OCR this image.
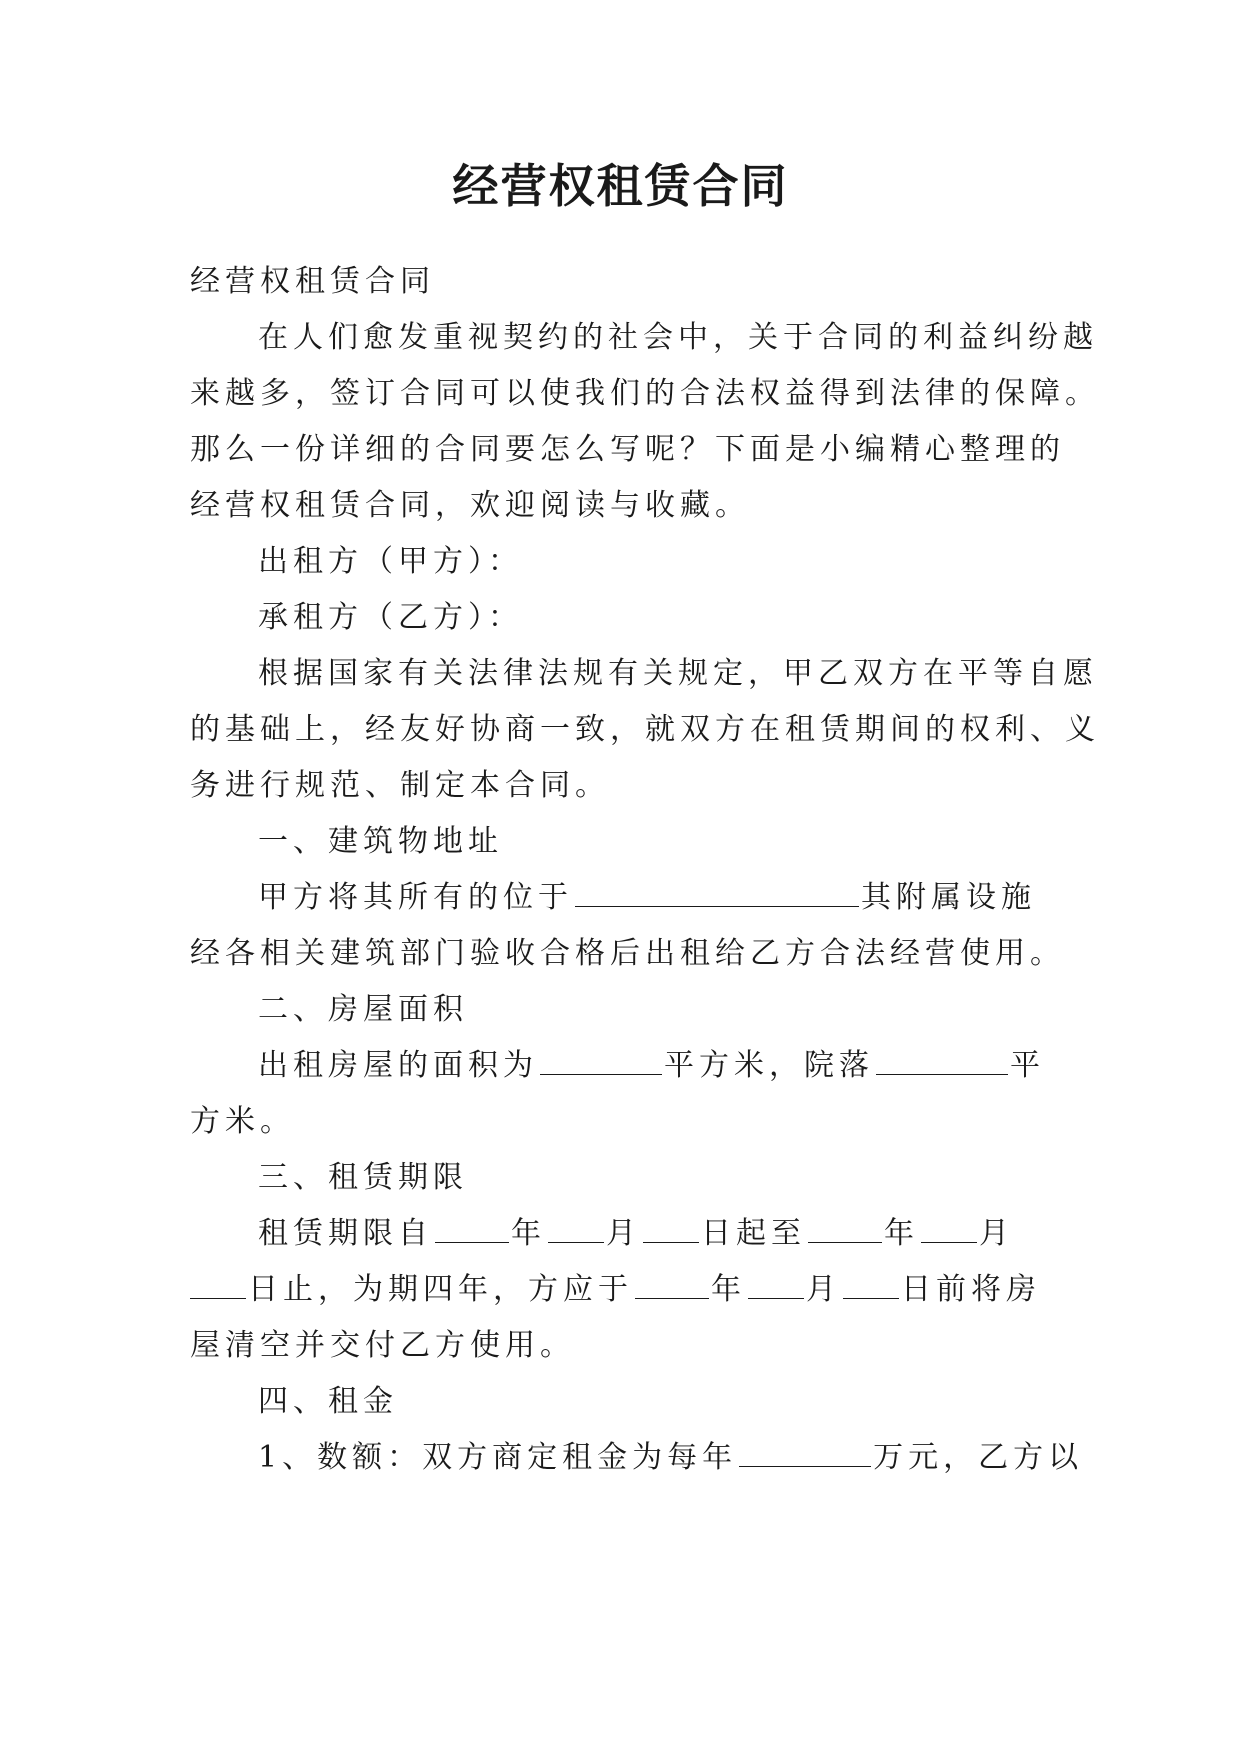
经营权租赁合同
经营权租赁合同
在人们愈发重视契约的社会中，关于合同的利益纠纷越
来越多，签订合同可以使我们的合法权益得到法律的保障。
那么一份详细的合同要怎么写呢？下面是小编精心整理的
经营权租赁合同，欢迎阅读与收藏。
出租方（甲方）：
承租方（乙方）：
根据国家有关法律法规有关规定，甲乙双方在平等自愿
的基础上，经友好协商一致，就双方在租赁期间的权利、义
务进行规范、制定本合同。
一、建筑物地址
甲方将其所有的位于	其附属设施
经各相关建筑部门验收合格后出租给乙方合法经营使用。
二、房屋面积
出租房屋的面积为	平方米，院落	平
方米。
三、租赁期限
租赁期限自	年 月 日起至	年 月
日止，为期四年，方应于	年 月 日前将房
屋清空并交付乙方使用。
四、租金
1、数额：双方商定租金为每年	万元，乙方以
